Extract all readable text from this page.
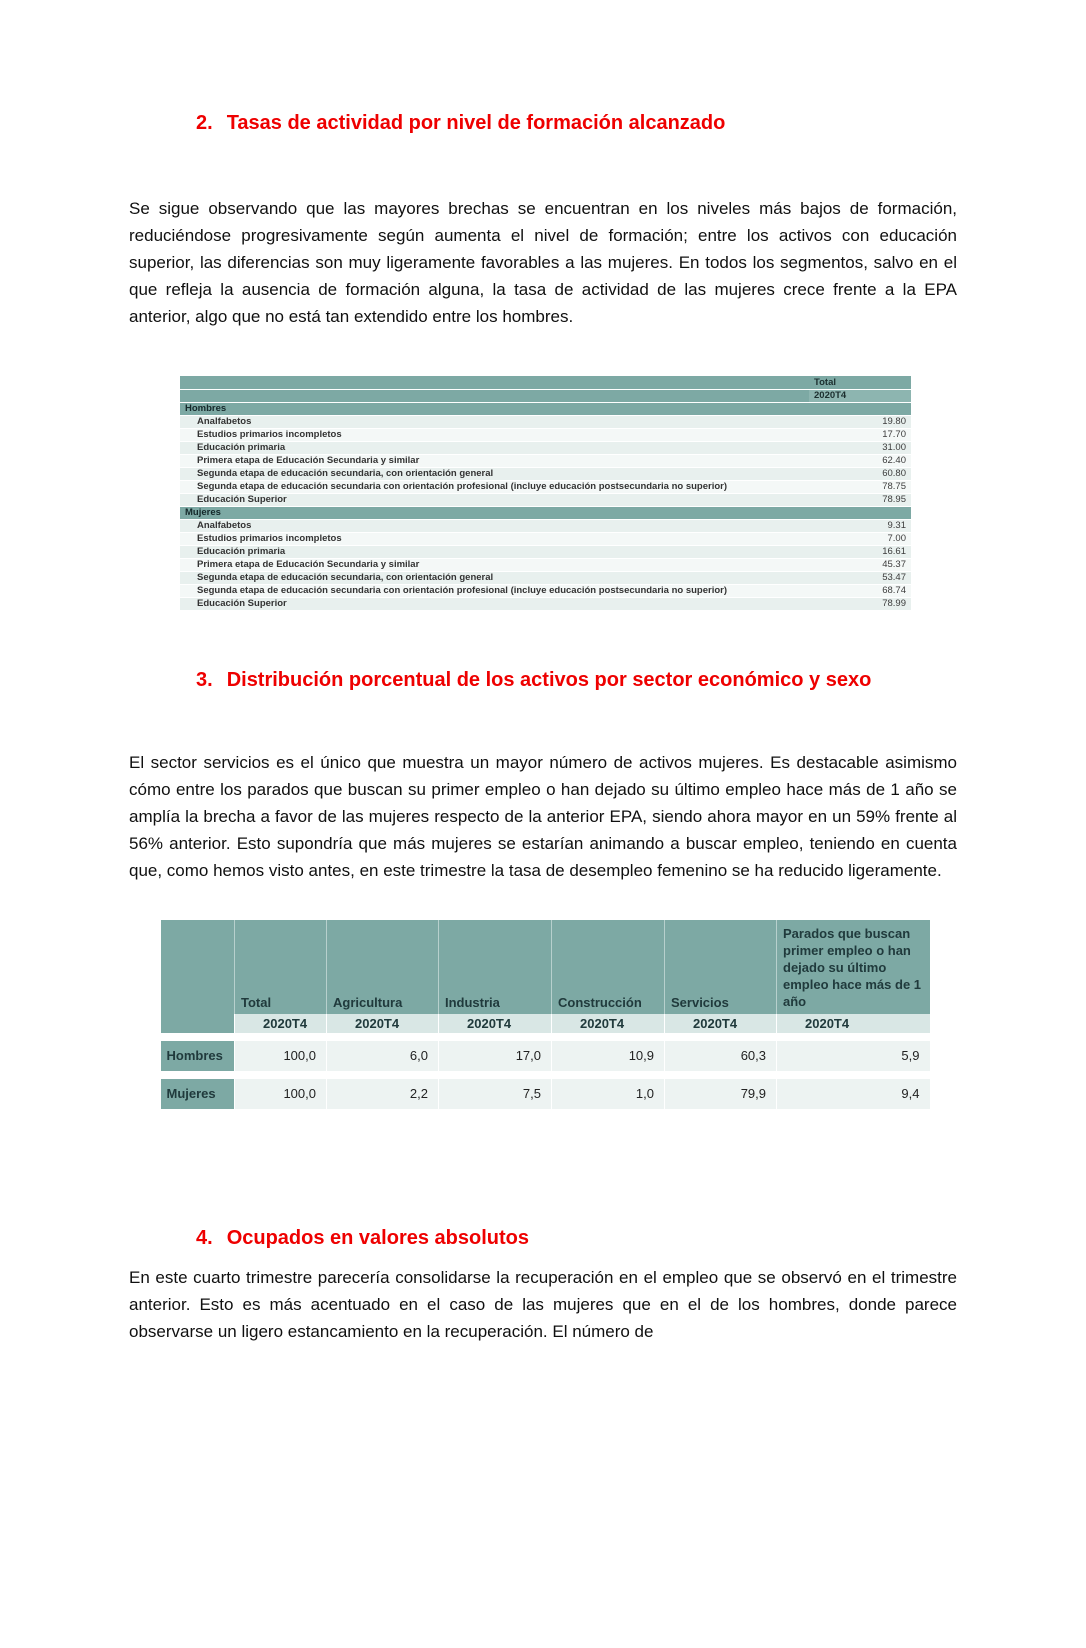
2. Tasas de actividad por nivel de formación alcanzado

Se sigue observando que las mayores brechas se encuentran en los niveles más bajos de formación, reduciéndose progresivamente según aumenta el nivel de formación; entre los activos con educación superior, las diferencias son muy ligeramente favorables a las mujeres. En todos los segmentos, salvo en el que refleja la ausencia de formación alguna, la tasa de actividad de las mujeres crece frente a la EPA anterior, algo que no está tan extendido entre los hombres.

	Total
	2020T4
Hombres	
Analfabetos	19.80
Estudios primarios incompletos	17.70
Educación primaria	31.00
Primera etapa de Educación Secundaria y similar	62.40
Segunda etapa de educación secundaria, con orientación general	60.80
Segunda etapa de educación secundaria con orientación profesional (incluye educación postsecundaria no superior)	78.75
Educación Superior	78.95
Mujeres	
Analfabetos	9.31
Estudios primarios incompletos	7.00
Educación primaria	16.61
Primera etapa de Educación Secundaria y similar	45.37
Segunda etapa de educación secundaria, con orientación general	53.47
Segunda etapa de educación secundaria con orientación profesional (incluye educación postsecundaria no superior)	68.74
Educación Superior	78.99
3. Distribución porcentual de los activos por sector económico y sexo

El sector servicios es el único que muestra un mayor número de activos mujeres. Es destacable asimismo cómo entre los parados que buscan su primer empleo o han dejado su último empleo hace más de 1 año se amplía la brecha a favor de las mujeres respecto de la anterior EPA, siendo ahora mayor en un 59% frente al 56% anterior. Esto supondría que más mujeres se estarían animando a buscar empleo, teniendo en cuenta que, como hemos visto antes, en este trimestre la tasa de desempleo femenino se ha reducido ligeramente.

	Total	Agricultura	Industria	Construcción	Servicios	Parados que buscan primer empleo o han dejado su último empleo hace más de 1 año
	2020T4	2020T4	2020T4	2020T4	2020T4	2020T4

Hombres	100,0	6,0	17,0	10,9	60,3	5,9

Mujeres	100,0	2,2	7,5	1,0	79,9	9,4
4. Ocupados en valores absolutos

En este cuarto trimestre parecería consolidarse la recuperación en el empleo que se observó en el trimestre anterior. Esto es más acentuado en el caso de las mujeres que en el de los hombres, donde parece observarse un ligero estancamiento en la recuperación. El número de
